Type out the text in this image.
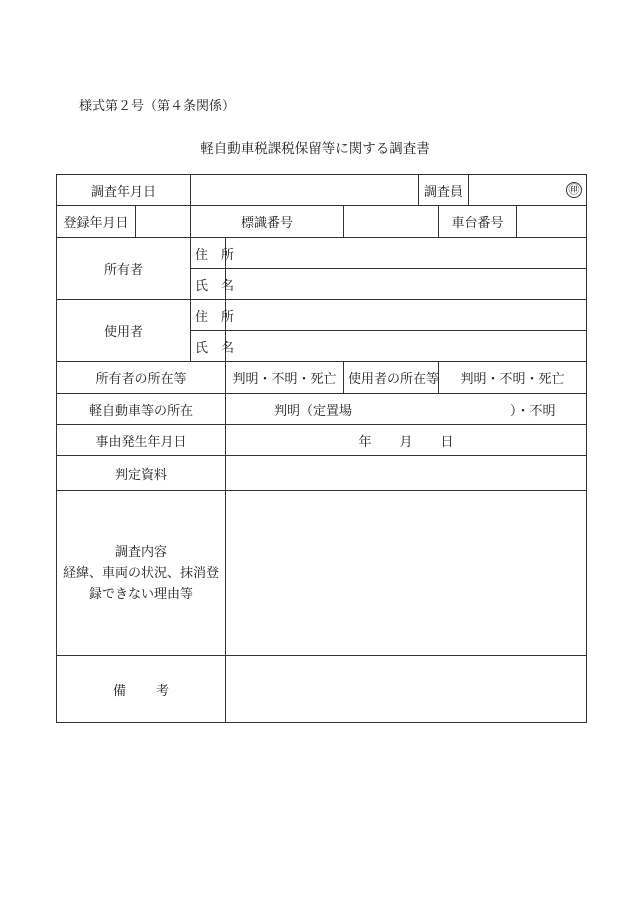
様式第２号（第４条関係）
軽自動車税課税保留等に関する調査書
調査年月日					調査員		㊞	
登録年月日		標識番号				車台番号		
所有者		住 所						
		氏 名						
使用者		住 所						
		氏 名						
所有者の所在等			判明・不明・死亡	使用者の所在等		判明・不明・死亡		
軽自動車等の所在			判明（定置場 ）・不明					
事由発生年月日			年 月 日					
判定資料								

調査内容
経緯、車両の状況、抹消登録できない理由等								

備 考								
